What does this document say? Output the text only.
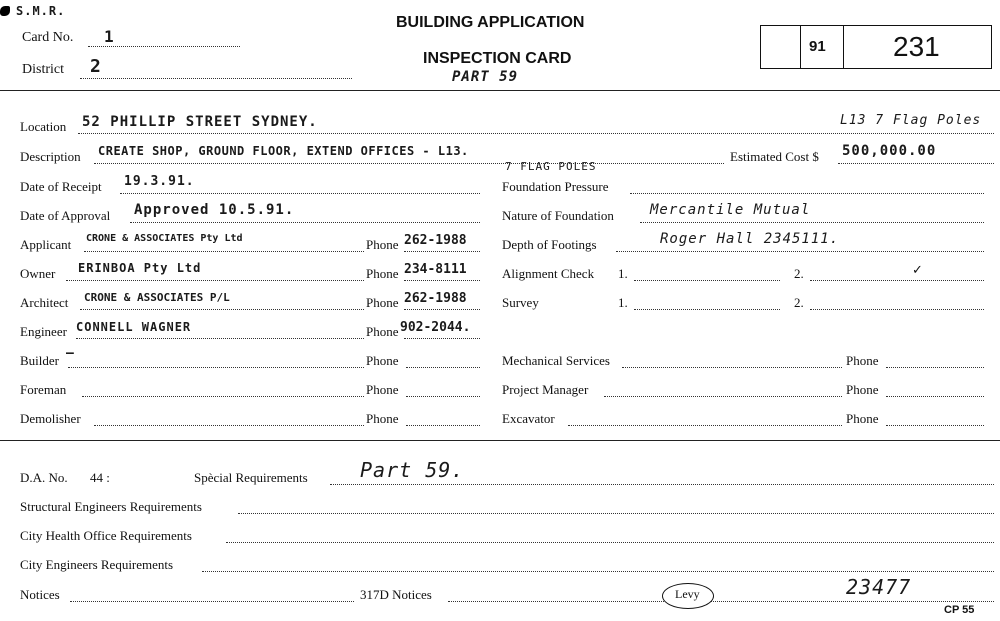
S.M.R.
Card No. 1
District 2
BUILDING APPLICATION
INSPECTION CARD
PART 59
91 231
Location 52 PHILLIP STREET SYDNEY.	L13 7 Flag Poles
Description CREATE SHOP, GROUND FLOOR, EXTEND OFFICES - L13.
7 FLAG POLES
Estimated Cost $ 500,000.00
Date of Receipt 19.3.91.	Foundation Pressure
Date of Approval Approved 10.5.91.	Nature of Foundation	Mercantile Mutual
Applicant CRONE & ASSOCIATES Pty Ltd	Phone 262-1988	Depth of Footings	Roger Hall 2345111.
Owner ERINBOA Pty Ltd	Phone 234-8111	Alignment Check 1.	2.	✓
Architect CRONE & ASSOCIATES P/L	Phone 262-1988	Survey	1.	2.
Engineer CONNELL WAGNER	Phone 902-2044.
Builder —	Phone	Mechanical Services	Phone
Foreman	Phone	Project Manager	Phone
Demolisher	Phone	Excavator	Phone
D.A. No. 44 :	Spècial Requirements	Part 59.
Structural Engineers Requirements
City Health Office Requirements
City Engineers Requirements
Notices	317D Notices	Levy	23477
CP 55
